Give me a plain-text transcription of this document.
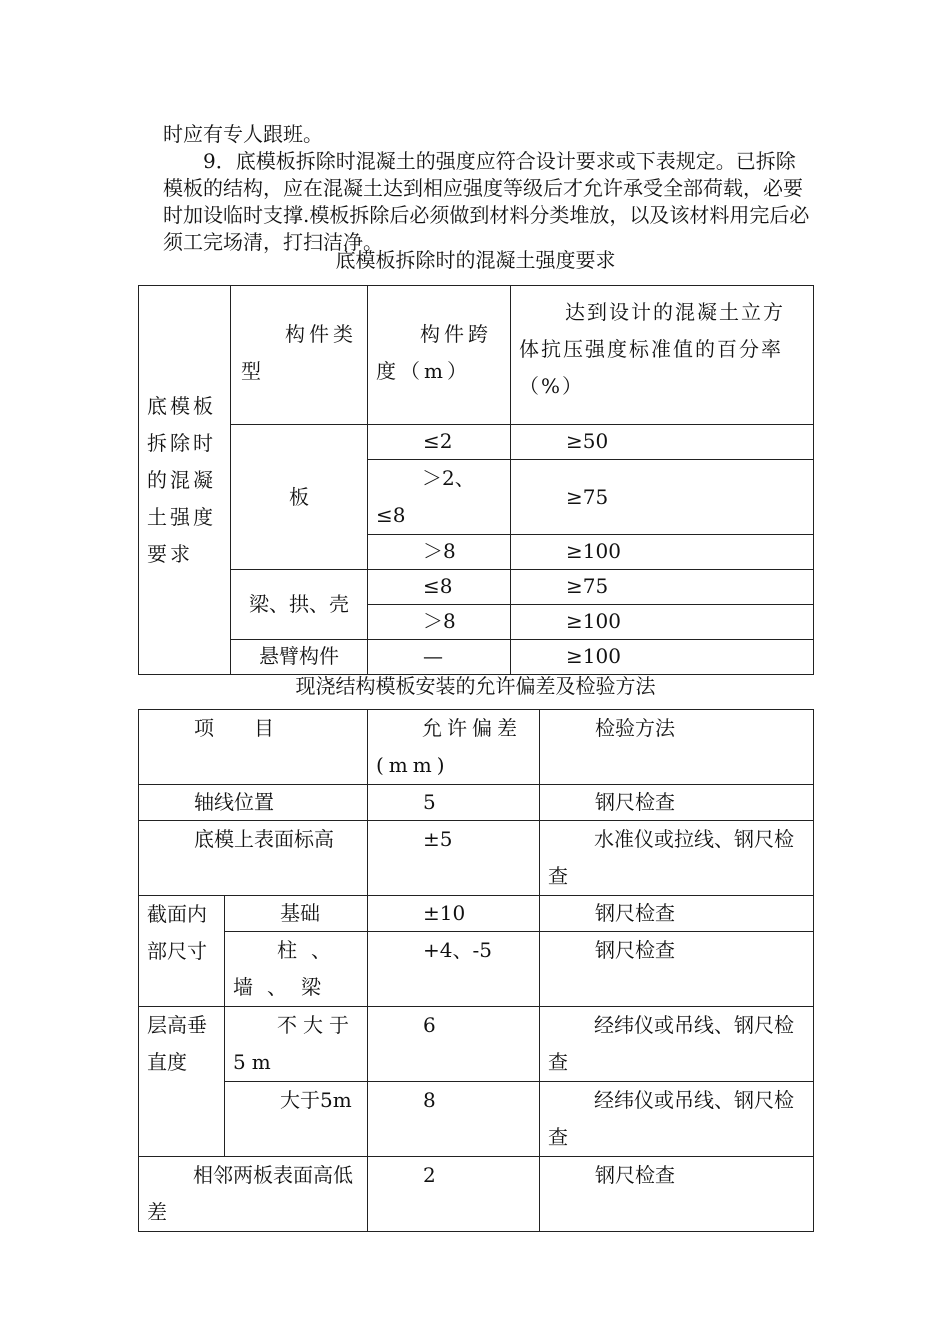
时应有专人跟班。

9．底模板拆除时混凝土的强度应符合设计要求或下表规定。已拆除模板的结构，应在混凝土达到相应强度等级后才允许承受全部荷载，必要时加设临时支撑.模板拆除后必须做到材料分类堆放，以及该材料用完后必须工完场清，打扫洁净。

底模板拆除时的混凝土强度要求
底模板拆除时的混凝土强度要求	构件类型	构件跨度（m）	达到设计的混凝土立方体抗压强度标准值的百分率（%）
	板	≤2	≥50
		＞2、≤8	≥75
		＞8	≥100
	梁、拱、壳	≤8	≥75
		＞8	≥100
	悬臂构件	—	≥100
现浇结构模板安装的允许偏差及检验方法
项　　目		允许偏差(mm)	检验方法
轴线位置		5	钢尺检查
底模上表面标高		±5	水准仪或拉线、钢尺检查
截面内部尺寸	基础	±10	钢尺检查
	柱、墙、梁	+4、-5	钢尺检查
层高垂直度	不大于5m	6	经纬仪或吊线、钢尺检查
	大于5m	8	经纬仪或吊线、钢尺检查
相邻两板表面高低差		2	钢尺检查
